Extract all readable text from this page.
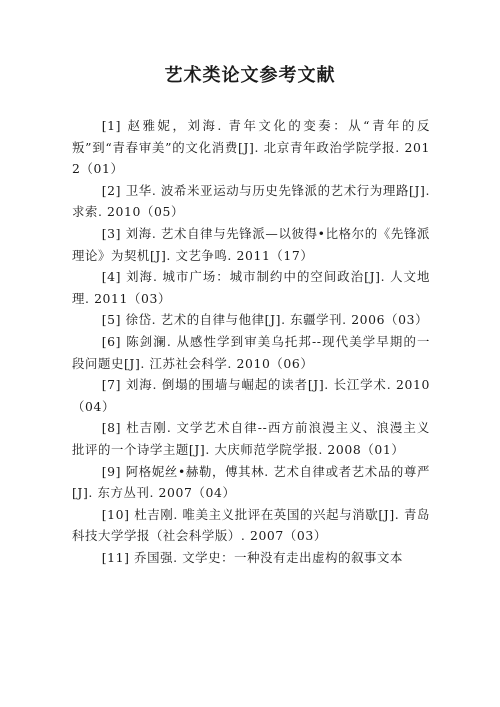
艺术类论文参考文献
[1] 赵雅妮，刘海. 青年文化的变奏：从“青年的反叛”到“青春审美”的文化消费[J]. 北京青年政治学院学报. 2012（01）
[2] 卫华. 波希米亚运动与历史先锋派的艺术行为理路[J]. 求索. 2010（05）
[3] 刘海. 艺术自律与先锋派—以彼得•比格尔的《先锋派理论》为契机[J]. 文艺争鸣. 2011（17）
[4] 刘海. 城市广场：城市制约中的空间政治[J]. 人文地理. 2011（03）
[5] 徐岱. 艺术的自律与他律[J]. 东疆学刊. 2006（03）
[6] 陈剑澜. 从感性学到审美乌托邦--现代美学早期的一段问题史[J]. 江苏社会科学. 2010（06）
[7] 刘海. 倒塌的围墙与崛起的读者[J]. 长江学术. 2010（04）
[8] 杜吉刚. 文学艺术自律--西方前浪漫主义、浪漫主义批评的一个诗学主题[J]. 大庆师范学院学报. 2008（01）
[9] 阿格妮丝•赫勒，傅其林. 艺术自律或者艺术品的尊严[J]. 东方丛刊. 2007（04）
[10] 杜吉刚. 唯美主义批评在英国的兴起与消歇[J]. 青岛科技大学学报（社会科学版）. 2007（03）
[11] 乔国强. 文学史：一种没有走出虚构的叙事文本
